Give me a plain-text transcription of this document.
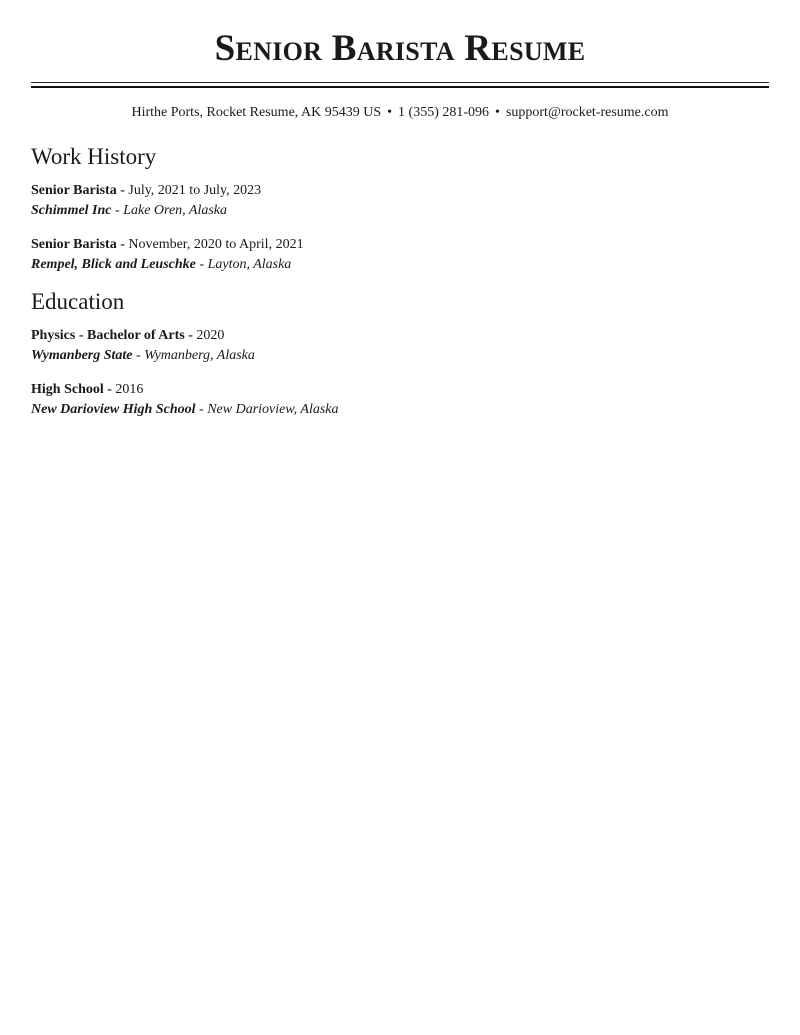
Senior Barista Resume
Hirthe Ports, Rocket Resume, AK 95439 US • 1 (355) 281-096 • support@rocket-resume.com
Work History
Senior Barista - July, 2021 to July, 2023
Schimmel Inc - Lake Oren, Alaska
Senior Barista - November, 2020 to April, 2021
Rempel, Blick and Leuschke - Layton, Alaska
Education
Physics - Bachelor of Arts - 2020
Wymanberg State - Wymanberg, Alaska
High School - 2016
New Darioview High School - New Darioview, Alaska
